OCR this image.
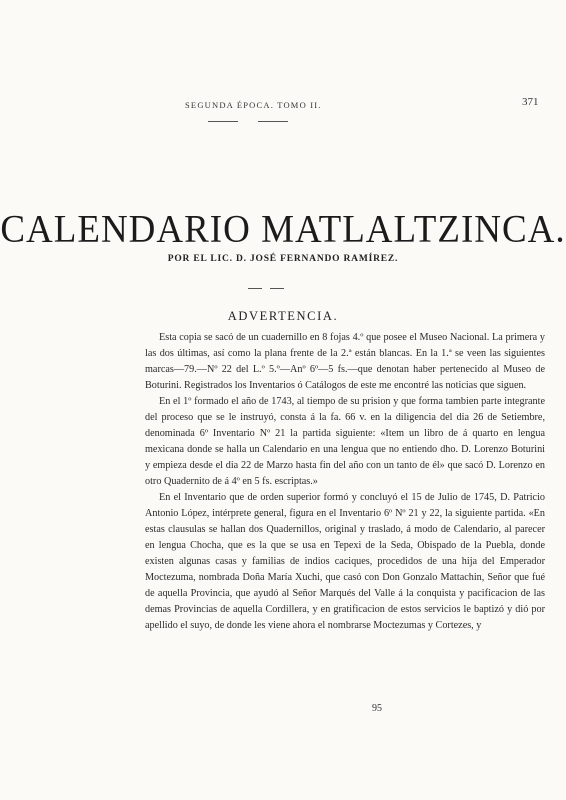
SEGUNDA ÉPOCA. TOMO II.	371
CALENDARIO MATLALTZINCA.
POR EL LIC. D. JOSÉ FERNANDO RAMÍREZ.
ADVERTENCIA.

Esta copia se sacó de un cuadernillo en 8 fojas 4.º que posee el Museo Nacional. La primera y las dos últimas, así como la plana frente de la 2.ª están blancas. En la 1.ª se veen las siguientes marcas—79.—Nº 22 del L.º 5.º—Anº 6º—5 fs.—que denotan haber pertenecido al Museo de Boturini. Registrados los Inventarios ó Catálogos de este me encontré las noticias que siguen.

En el 1º formado el año de 1743, al tiempo de su prision y que forma tambien parte integrante del proceso que se le instruyó, consta á la fa. 66 v. en la diligencia del dia 26 de Setiembre, denominada 6º Inventario Nº 21 la partida siguiente: «Item un libro de á quarto en lengua mexicana donde se halla un Calendario en una lengua que no entiendo dho. D. Lorenzo Boturini y empieza desde el dia 22 de Marzo hasta fin del año con un tanto de él» que sacó D. Lorenzo en otro Quadernito de á 4º en 5 fs. escriptas.»

En el Inventario que de orden superior formó y concluyó el 15 de Julio de 1745, D. Patricio Antonio López, intérprete general, figura en el Inventario 6º Nº 21 y 22, la siguiente partida. «En estas clausulas se hallan dos Quadernillos, original y traslado, á modo de Calendario, al parecer en lengua Chocha, que es la que se usa en Tepexi de la Seda, Obispado de la Puebla, donde existen algunas casas y familias de indios caciques, procedidos de una hija del Emperador Moctezuma, nombrada Doña María Xuchi, que casó con Don Gonzalo Mattachin, Señor que fué de aquella Provincia, que ayudó al Señor Marqués del Valle á la conquista y pacificacion de las demas Provincias de aquella Cordillera, y en gratificacion de estos servicios le baptizó y dió por apellido el suyo, de donde les viene ahora el nombrarse Moctezumas y Cortezes, y

95
